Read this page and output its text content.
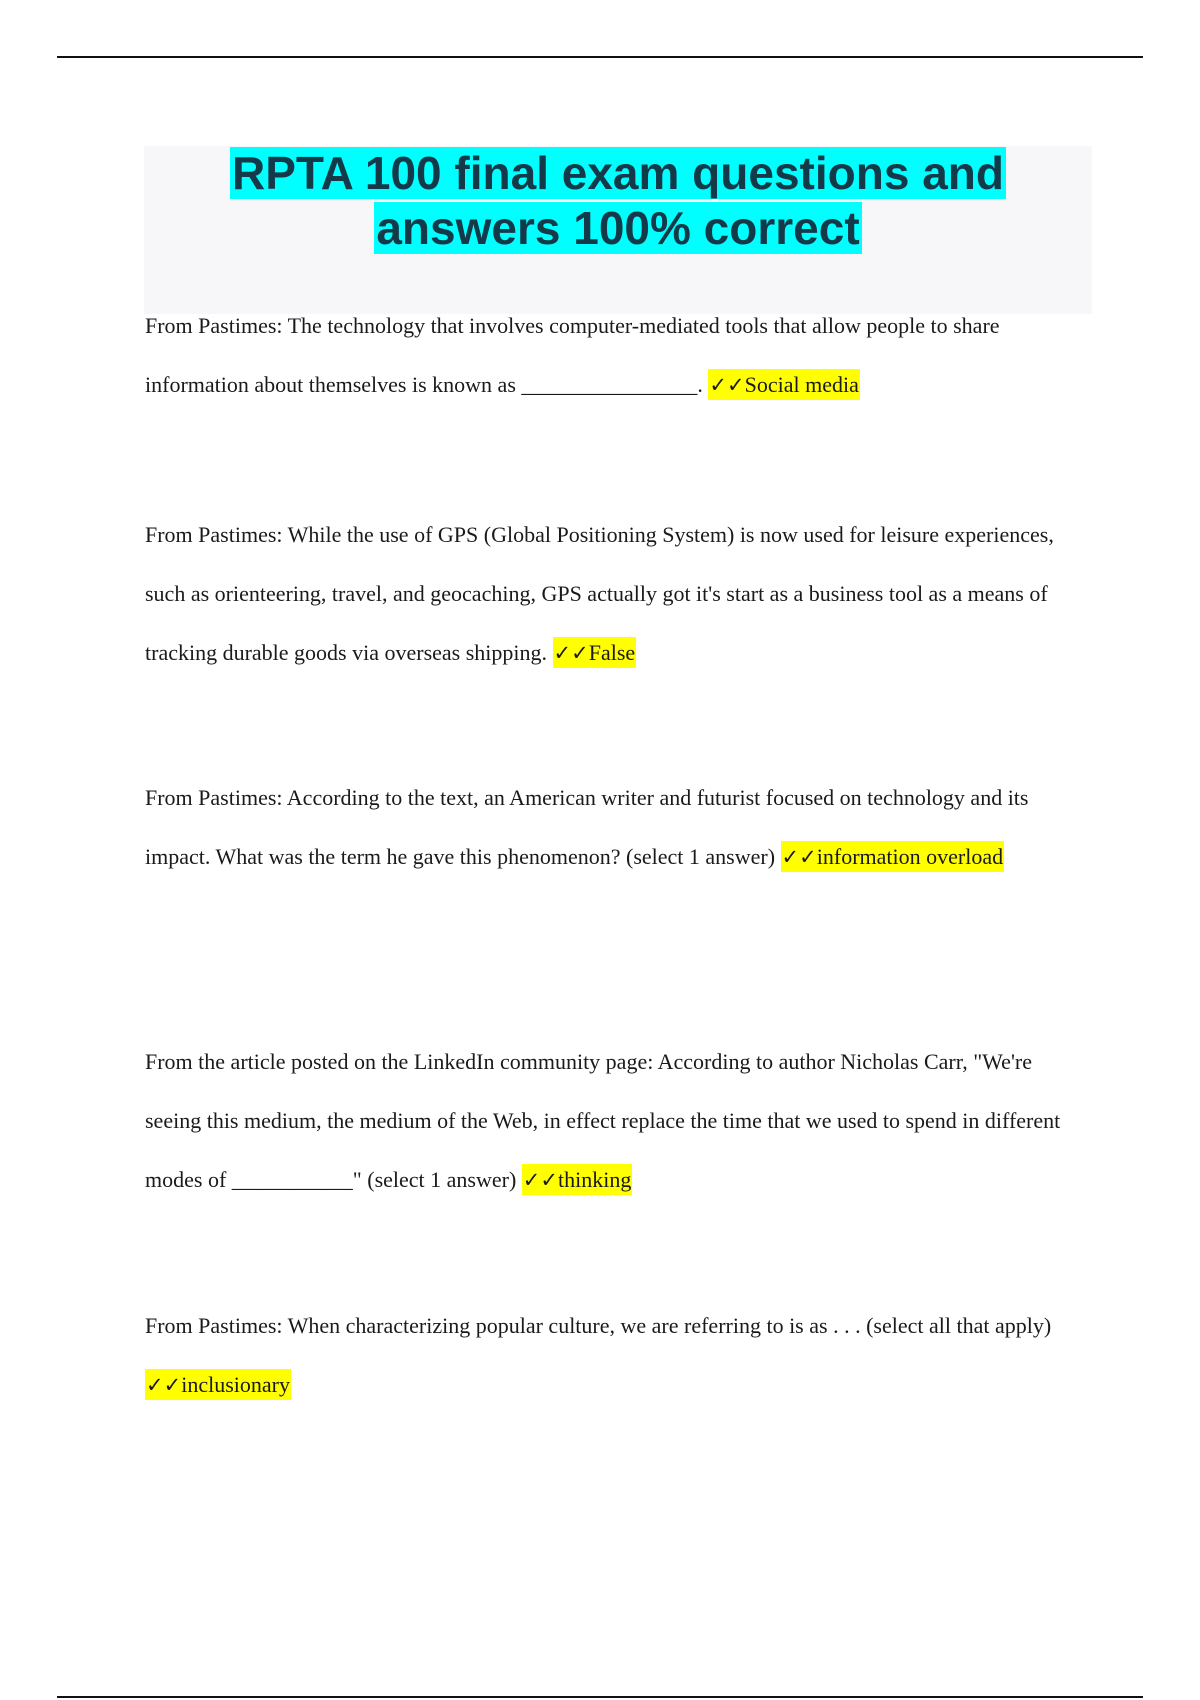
RPTA 100 final exam questions and answers 100% correct

From Pastimes: The technology that involves computer-mediated tools that allow people to share information about themselves is known as ________________. ✓✓Social media

From Pastimes: While the use of GPS (Global Positioning System) is now used for leisure experiences, such as orienteering, travel, and geocaching, GPS actually got it's start as a business tool as a means of tracking durable goods via overseas shipping. ✓✓False

From Pastimes: According to the text, an American writer and futurist focused on technology and its impact. What was the term he gave this phenomenon? (select 1 answer) ✓✓information overload

From the article posted on the LinkedIn community page: According to author Nicholas Carr, "We're seeing this medium, the medium of the Web, in effect replace the time that we used to spend in different modes of ___________" (select 1 answer) ✓✓thinking

From Pastimes: When characterizing popular culture, we are referring to is as . . . (select all that apply) ✓✓inclusionary
